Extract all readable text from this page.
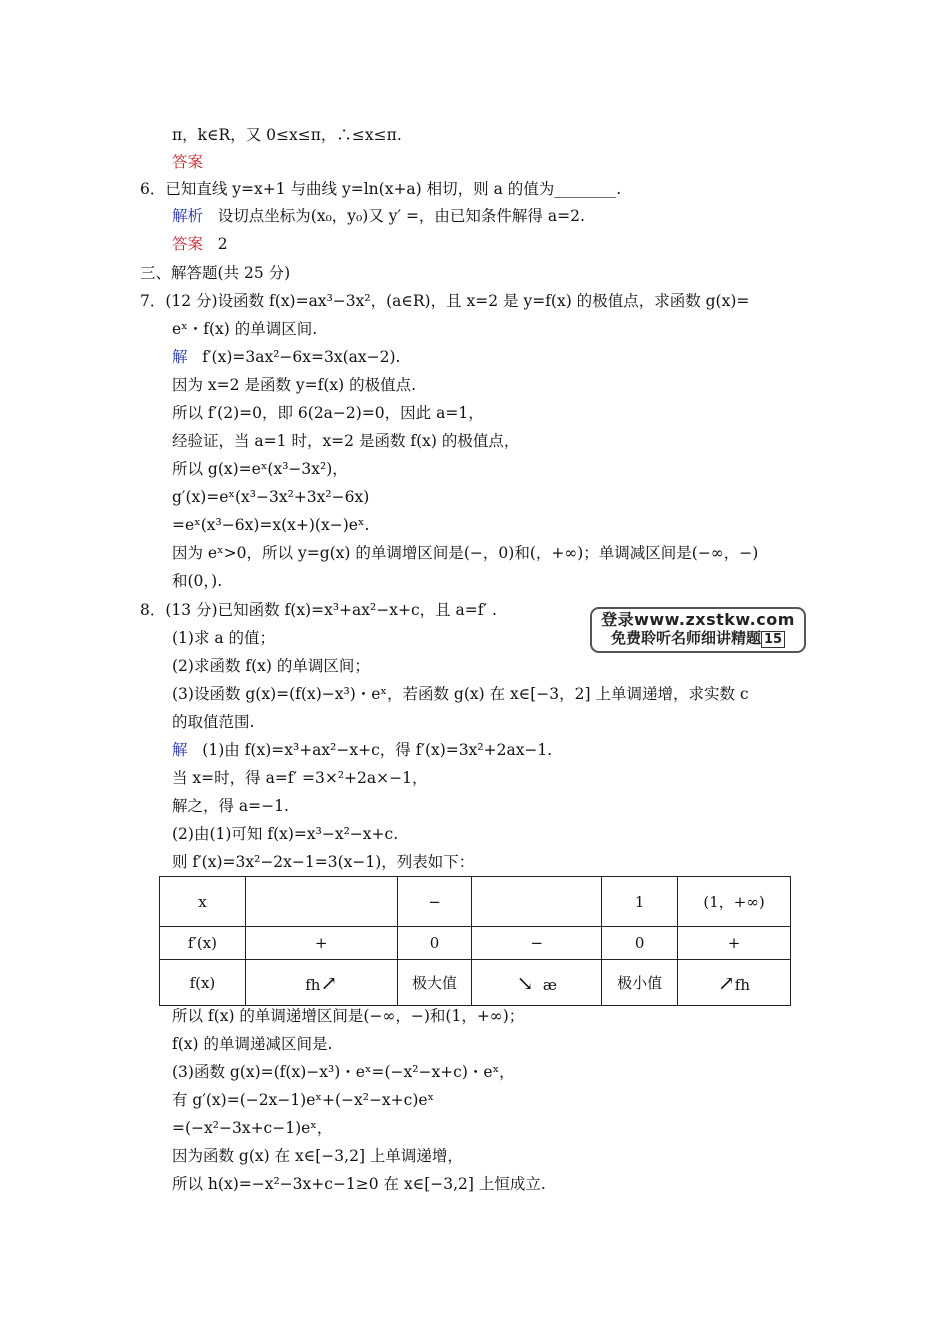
π，k∈R，又 0≤x≤π，∴≤x≤π.
答案
6．已知直线 y=x+1 与曲线 y=ln(x+a) 相切，则 a 的值为________.
解析 设切点坐标为(x₀，y₀)又 y′ =，由已知条件解得 a=2.
答案 2
三、解答题(共 25 分)
7．(12 分)设函数 f(x)=ax³−3x²，(a∈R)，且 x=2 是 y=f(x) 的极值点，求函数 g(x)=
eˣ・f(x) 的单调区间.
解 f′(x)=3ax²−6x=3x(ax−2).
因为 x=2 是函数 y=f(x) 的极值点.
所以 f′(2)=0，即 6(2a−2)=0，因此 a=1，
经验证，当 a=1 时，x=2 是函数 f(x) 的极值点，
所以 g(x)=eˣ(x³−3x²)，
g′(x)=eˣ(x³−3x²+3x²−6x)
=eˣ(x³−6x)=x(x+)(x−)eˣ.
因为 eˣ>0，所以 y=g(x) 的单调增区间是(−，0)和(，+∞)；单调减区间是(−∞，−)
和(0，).
8．(13 分)已知函数 f(x)=x³+ax²−x+c，且 a=f′ .	登录www.zxstkw.com
免费聆听名师细讲精题 15
(1)求 a 的值；
(2)求函数 f(x) 的单调区间；
(3)设函数 g(x)=(f(x)−x³)・eˣ，若函数 g(x) 在 x∈[−3，2] 上单调递增，求实数 c
的取值范围.
解 (1)由 f(x)=x³+ax²−x+c，得 f′(x)=3x²+2ax−1.
当 x=时，得 a=f′ =3×²+2a×−1，
解之，得 a=−1.
(2)由(1)可知 f(x)=x³−x²−x+c.
则 f′(x)=3x²−2x−1=3(x−1)，列表如下：
x		−		1	(1，+∞)
f′(x)	+	0	−	0	+
f(x)	fh↗	极大值	↘ æ	极小值	↗fh
所以 f(x) 的单调递增区间是(−∞，−)和(1，+∞)；
f(x) 的单调递减区间是.
(3)函数 g(x)=(f(x)−x³)・eˣ=(−x²−x+c)・eˣ，
有 g′(x)=(−2x−1)eˣ+(−x²−x+c)eˣ
=(−x²−3x+c−1)eˣ，
因为函数 g(x) 在 x∈[−3,2] 上单调递增，
所以 h(x)=−x²−3x+c−1≥0 在 x∈[−3,2] 上恒成立.
